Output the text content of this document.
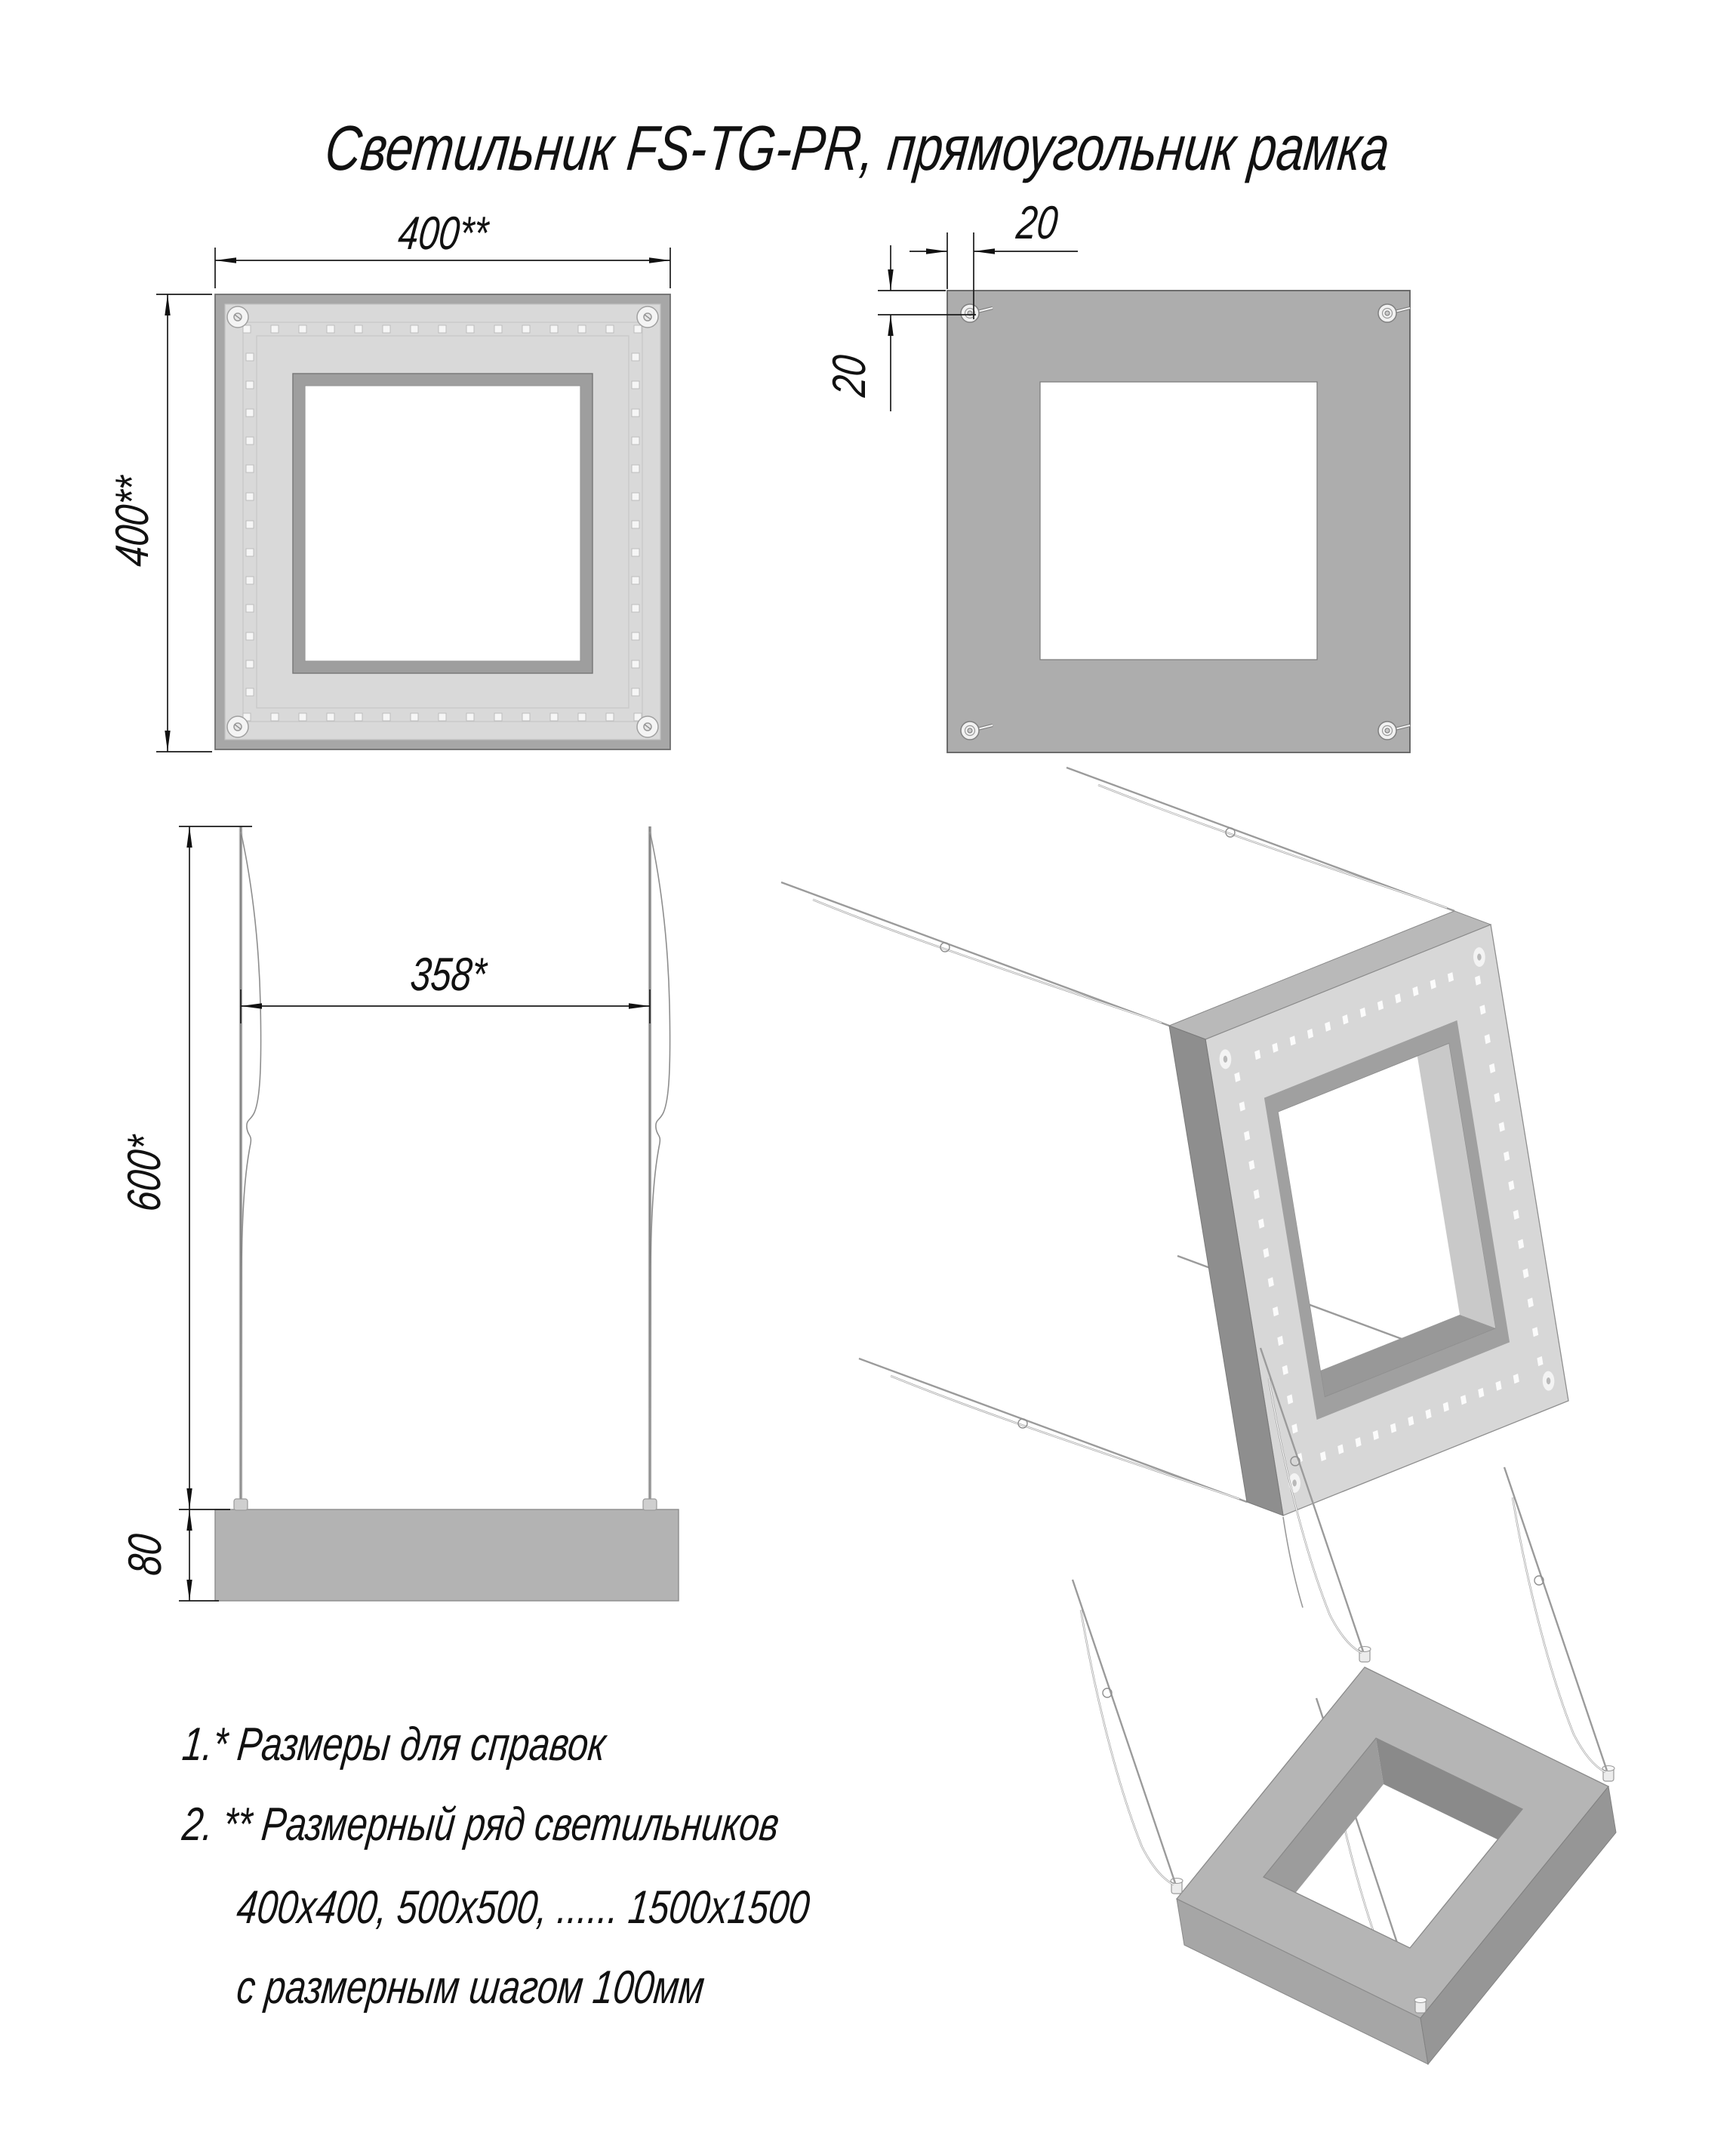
Светильник FS-TG-PR, прямоугольник рамка
400**
400**
20
20
600*
80
358*
1.* Размеры для справок
2. ** Размерный ряд светильников
400x400, 500x500, ...... 1500x1500
с размерным шагом 100мм
